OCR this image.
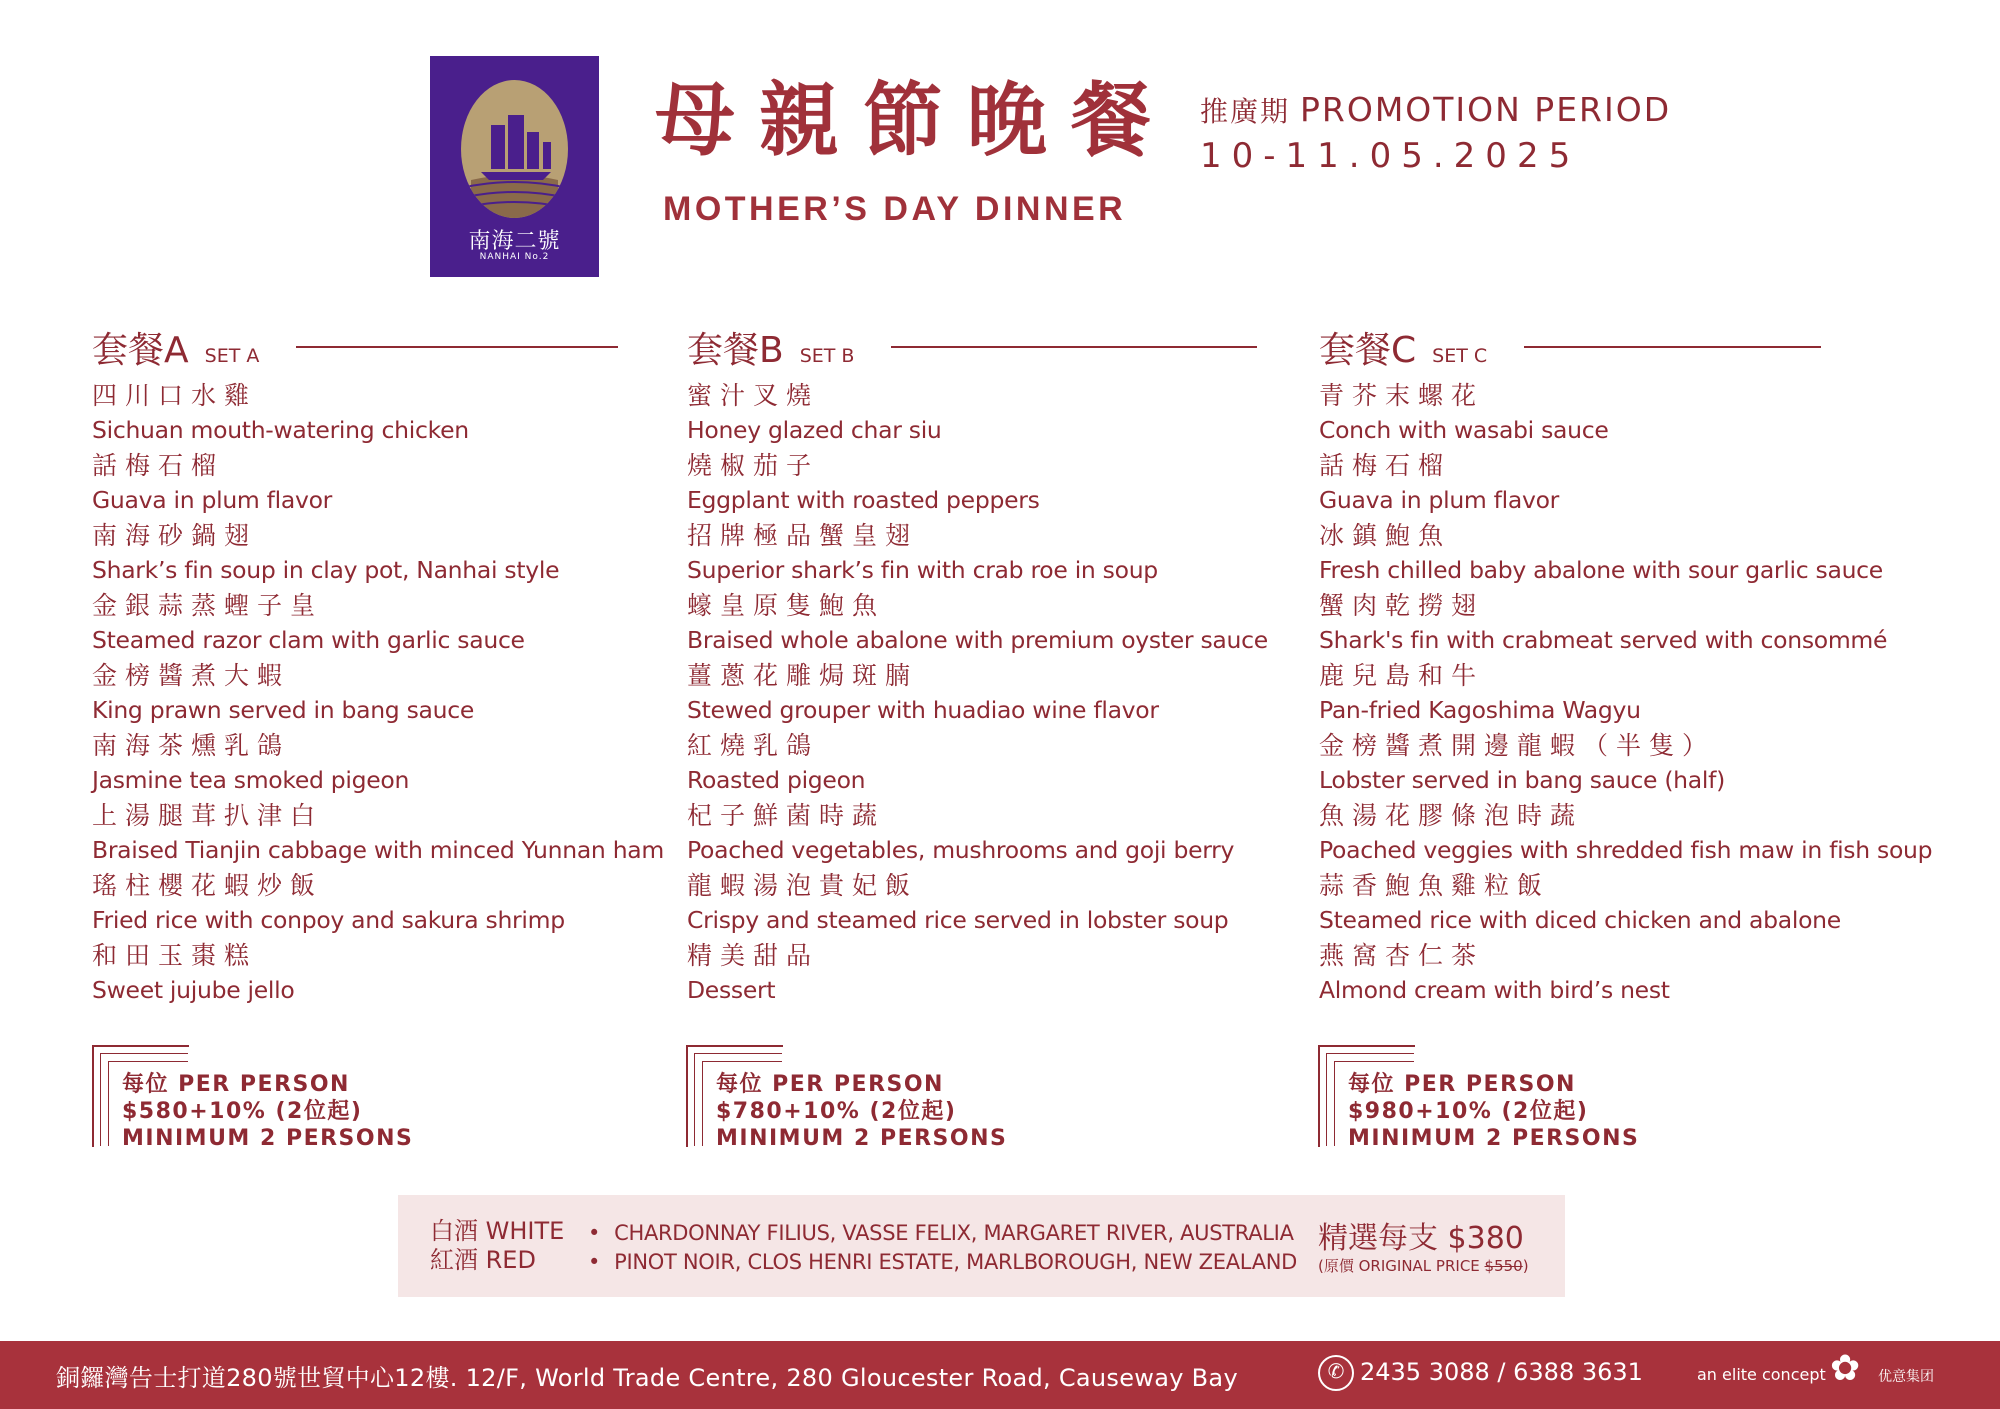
南海二號
NANHAI No.2
母親節晚餐
MOTHER’S DAY DINNER
推廣期 PROMOTION PERIOD
10-11.05.2025
套餐A SET A
四川口水雞
Sichuan mouth-watering chicken
話梅石榴
Guava in plum flavor
南海砂鍋翅
Shark’s fin soup in clay pot, Nanhai style
金銀蒜蒸蟶子皇
Steamed razor clam with garlic sauce
金榜醬煮大蝦
King prawn served in bang sauce
南海茶燻乳鴿
Jasmine tea smoked pigeon
上湯腿茸扒津白
Braised Tianjin cabbage with minced Yunnan ham
瑤柱櫻花蝦炒飯
Fried rice with conpoy and sakura shrimp
和田玉棗糕
Sweet jujube jello
套餐B SET B
蜜汁叉燒
Honey glazed char siu
燒椒茄子
Eggplant with roasted peppers
招牌極品蟹皇翅
Superior shark’s fin with crab roe in soup
蠔皇原隻鮑魚
Braised whole abalone with premium oyster sauce
薑蔥花雕焗斑腩
Stewed grouper with huadiao wine flavor
紅燒乳鴿
Roasted pigeon
杞子鮮菌時蔬
Poached vegetables, mushrooms and goji berry
龍蝦湯泡貴妃飯
Crispy and steamed rice served in lobster soup
精美甜品
Dessert
套餐C SET C
青芥末螺花
Conch with wasabi sauce
話梅石榴
Guava in plum flavor
冰鎮鮑魚
Fresh chilled baby abalone with sour garlic sauce
蟹肉乾撈翅
Shark's fin with crabmeat served with consommé
鹿兒島和牛
Pan-fried Kagoshima Wagyu
金榜醬煮開邊龍蝦（半隻）
Lobster served in bang sauce (half)
魚湯花膠條泡時蔬
Poached veggies with shredded fish maw in fish soup
蒜香鮑魚雞粒飯
Steamed rice with diced chicken and abalone
燕窩杏仁茶
Almond cream with bird’s nest
每位 PER PERSON
$580+10% (2位起)
MINIMUM 2 PERSONS
每位 PER PERSON
$780+10% (2位起)
MINIMUM 2 PERSONS
每位 PER PERSON
$980+10% (2位起)
MINIMUM 2 PERSONS
白酒 WHITE
紅酒 RED
• CHARDONNAY FILIUS, VASSE FELIX, MARGARET RIVER, AUSTRALIA
• PINOT NOIR, CLOS HENRI ESTATE, MARLBOROUGH, NEW ZEALAND
精選每支 $380
(原價 ORIGINAL PRICE $550)
銅鑼灣告士打道280號世貿中心12樓. 12/F, World Trade Centre, 280 Gloucester Road, Causeway Bay	✆ 2435 3088 / 6388 3631	an elite concept ✿ 优意集团
